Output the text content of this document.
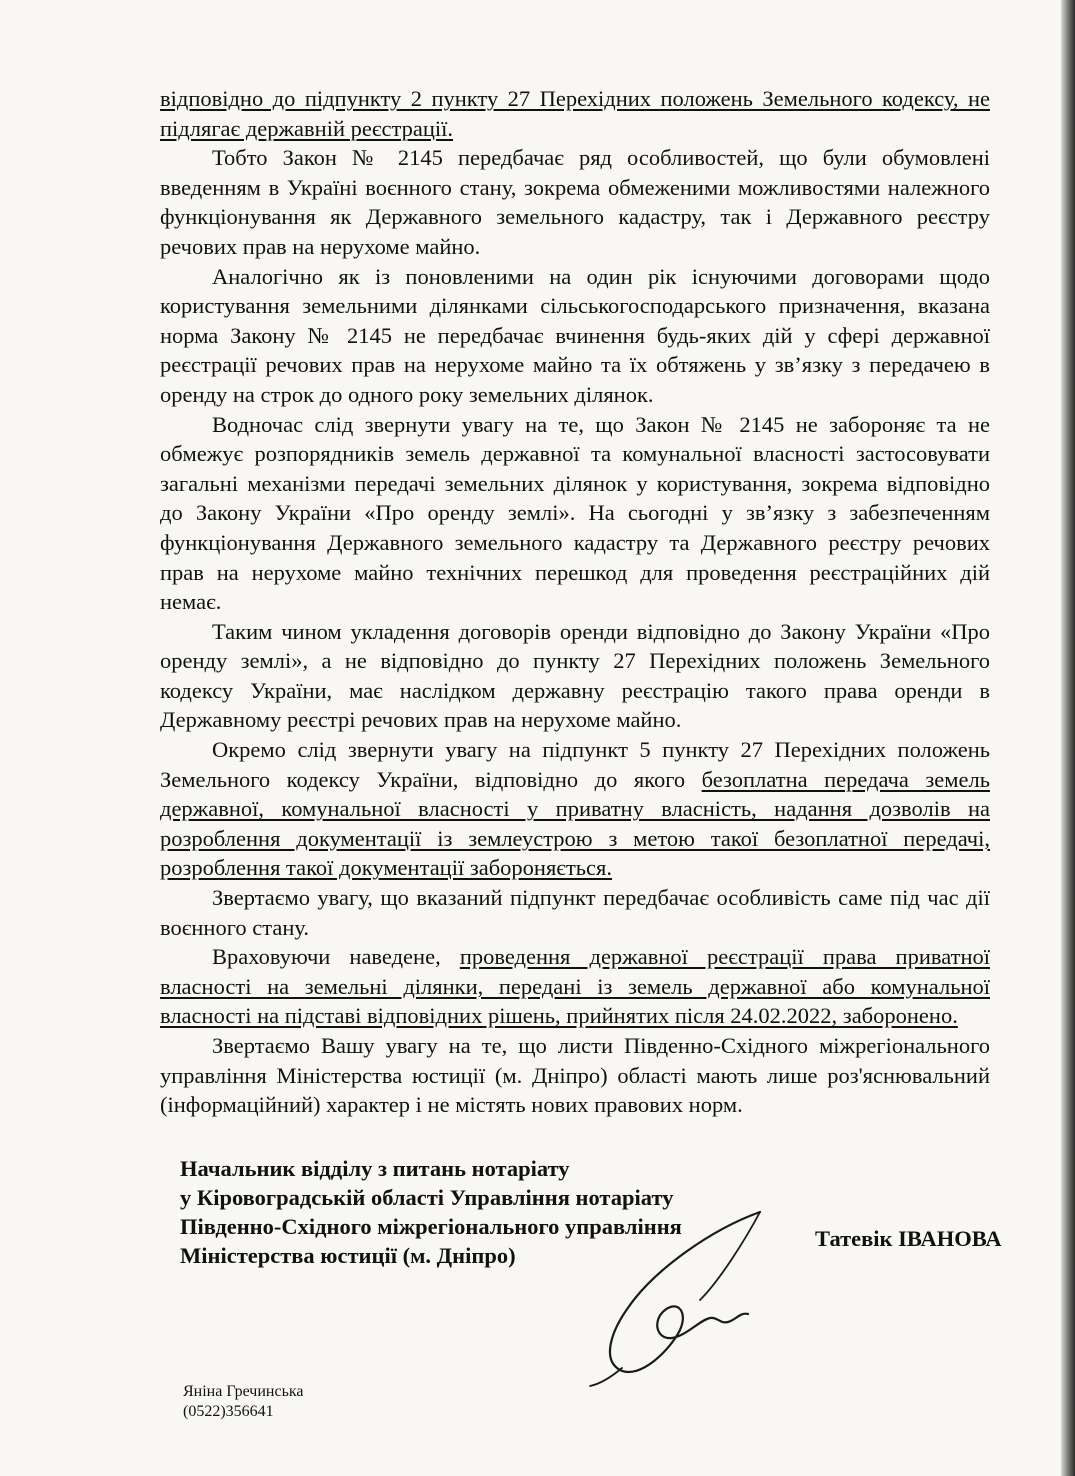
відповідно до підпункту 2 пункту 27 Перехідних положень Земельного кодексу, не підлягає державній реєстрації.

Тобто Закон № 2145 передбачає ряд особливостей, що були обумовлені введенням в Україні воєнного стану, зокрема обмеженими можливостями належного функціонування як Державного земельного кадастру, так і Державного реєстру речових прав на нерухоме майно.

Аналогічно як із поновленими на один рік існуючими договорами щодо користування земельними ділянками сільськогосподарського призначення, вказана норма Закону № 2145 не передбачає вчинення будь-яких дій у сфері державної реєстрації речових прав на нерухоме майно та їх обтяжень у зв’язку з передачею в оренду на строк до одного року земельних ділянок.

Водночас слід звернути увагу на те, що Закон № 2145 не забороняє та не обмежує розпорядників земель державної та комунальної власності застосовувати загальні механізми передачі земельних ділянок у користування, зокрема відповідно до Закону України «Про оренду землі». На сьогодні у зв’язку з забезпеченням функціонування Державного земельного кадастру та Державного реєстру речових прав на нерухоме майно технічних перешкод для проведення реєстраційних дій немає.

Таким чином укладення договорів оренди відповідно до Закону України «Про оренду землі», а не відповідно до пункту 27 Перехідних положень Земельного кодексу України, має наслідком державну реєстрацію такого права оренди в Державному реєстрі речових прав на нерухоме майно.

Окремо слід звернути увагу на підпункт 5 пункту 27 Перехідних положень Земельного кодексу України, відповідно до якого безоплатна передача земель державної, комунальної власності у приватну власність, надання дозволів на розроблення документації із землеустрою з метою такої безоплатної передачі, розроблення такої документації забороняється.

Звертаємо увагу, що вказаний підпункт передбачає особливість саме під час дії воєнного стану.

Враховуючи наведене, проведення державної реєстрації права приватної власності на земельні ділянки, передані із земель державної або комунальної власності на підставі відповідних рішень, прийнятих після 24.02.2022, заборонено.

Звертаємо Вашу увагу на те, що листи Південно-Східного міжрегіонального управління Міністерства юстиції (м. Дніпро) області мають лише роз'яснювальний (інформаційний) характер і не містять нових правових норм.

Начальник відділу з питань нотаріату
у Кіровоградській області Управління нотаріату
Південно-Східного міжрегіонального управління
Міністерства юстиції (м. Дніпро)
Татевік ІВАНОВА
Яніна Гречинська
(0522)356641
